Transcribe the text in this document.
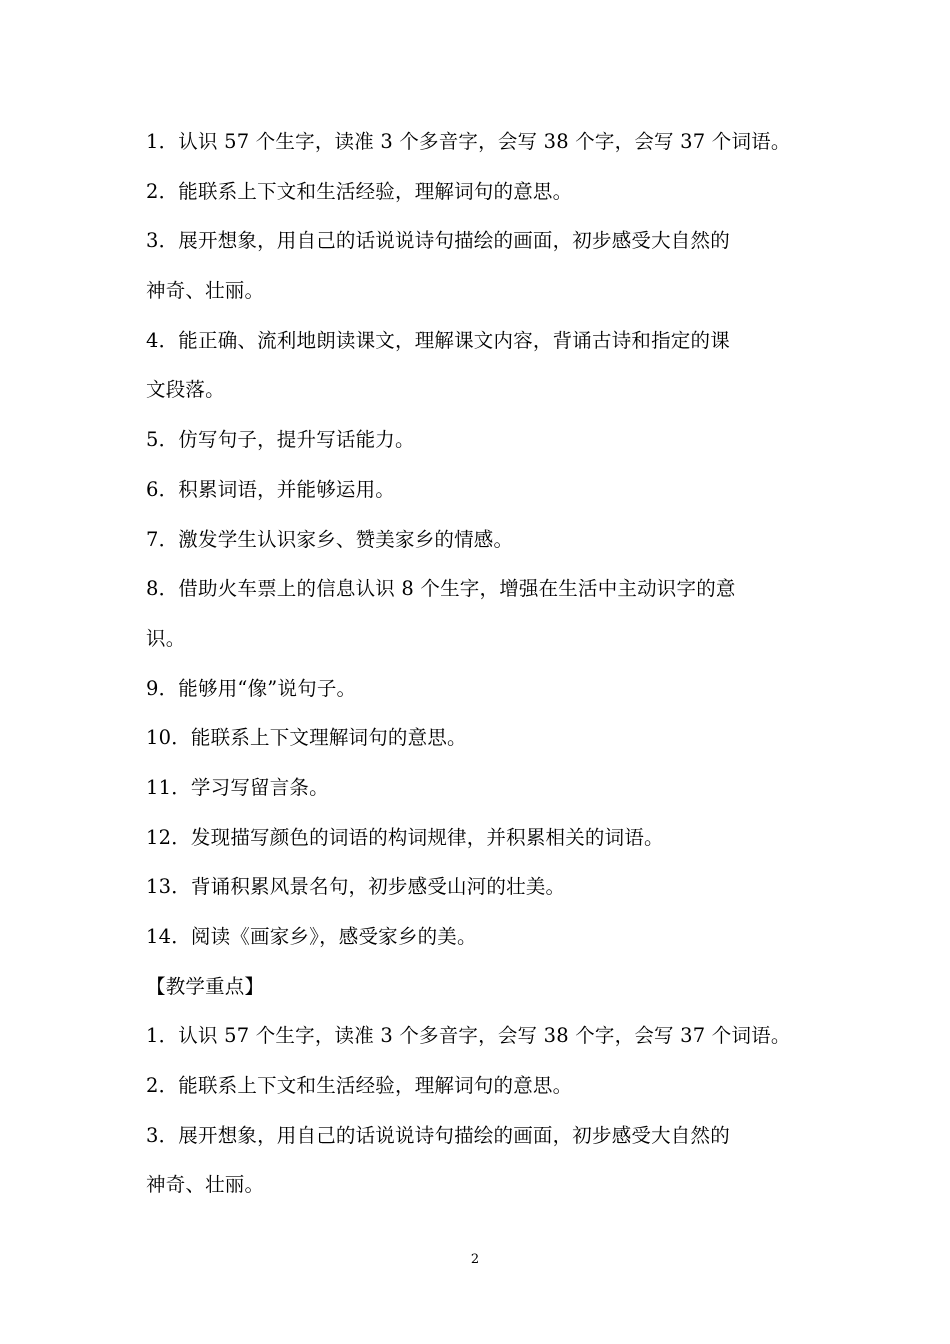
1．认识 57 个生字，读准 3 个多音字，会写 38 个字，会写 37 个词语。
2．能联系上下文和生活经验，理解词句的意思。
3．展开想象，用自己的话说说诗句描绘的画面，初步感受大自然的
神奇、壮丽。
4．能正确、流利地朗读课文，理解课文内容，背诵古诗和指定的课
文段落。
5．仿写句子，提升写话能力。
6．积累词语，并能够运用。
7．激发学生认识家乡、赞美家乡的情感。
8．借助火车票上的信息认识 8 个生字，增强在生活中主动识字的意
识。
9．能够用“像”说句子。
10．能联系上下文理解词句的意思。
11．学习写留言条。
12．发现描写颜色的词语的构词规律，并积累相关的词语。
13．背诵积累风景名句，初步感受山河的壮美。
14．阅读《画家乡》，感受家乡的美。
【教学重点】
1．认识 57 个生字，读准 3 个多音字，会写 38 个字，会写 37 个词语。
2．能联系上下文和生活经验，理解词句的意思。
3．展开想象，用自己的话说说诗句描绘的画面，初步感受大自然的
神奇、壮丽。
2
